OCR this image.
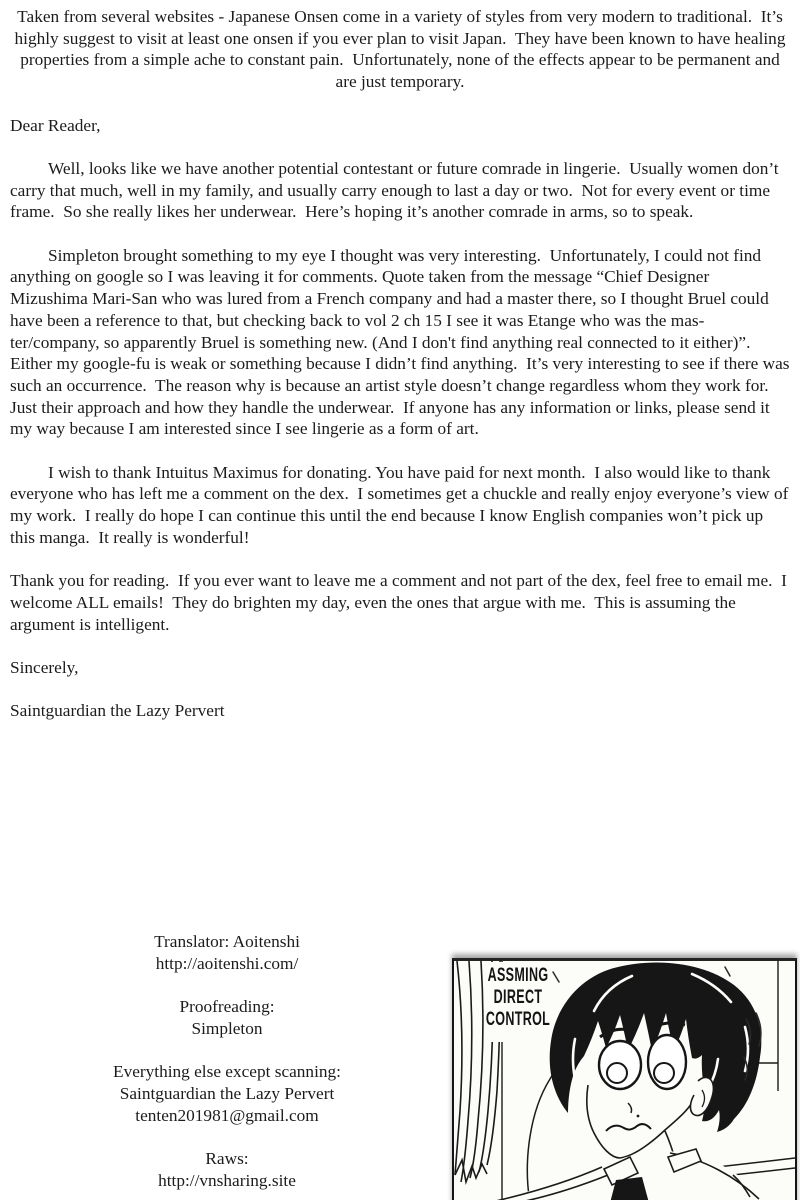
Taken from several websites - Japanese Onsen come in a variety of styles from very modern to traditional.  It’s highly suggest to visit at least one onsen if you ever plan to visit Japan.  They have been known to have healing properties from a simple ache to constant pain.  Unfortunately, none of the effects appear to be permanent and are just temporary.

Dear Reader,

Well, looks like we have another potential contestant or future comrade in lingerie.  Usually women don’t carry that much, well in my family, and usually carry enough to last a day or two.  Not for every event or time frame.  So she really likes her underwear.  Here’s hoping it’s another comrade in arms, so to speak.

Simpleton brought something to my eye I thought was very interesting.  Unfortunately, I could not find anything on google so I was leaving it for comments. Quote taken from the message “Chief Designer Mizushima Mari-San who was lured from a French company and had a master there, so I thought Bruel could have been a reference to that, but checking back to vol 2 ch 15 I see it was Etange who was the mas-ter/company, so apparently Bruel is something new. (And I don't find anything real connected to it either)”.  Either my google-fu is weak or something because I didn’t find anything.  It’s very interesting to see if there was such an occurrence.  The reason why is because an artist style doesn’t change regardless whom they work for.  Just their approach and how they handle the underwear.  If anyone has any information or links, please send it my way because I am interested since I see lingerie as a form of art.

I wish to thank Intuitus Maximus for donating. You have paid for next month.  I also would like to thank everyone who has left me a comment on the dex.  I sometimes get a chuckle and really enjoy everyone’s view of my work.  I really do hope I can continue this until the end because I know English companies won’t pick up this manga.  It really is wonderful!

Thank you for reading.  If you ever want to leave me a comment and not part of the dex, feel free to email me.  I welcome ALL emails!  They do brighten my day, even the ones that argue with me.  This is assuming the argument is intelligent.

Sincerely,

Saintguardian the Lazy Pervert

Translator: Aoitenshi
http://aoitenshi.com/
Proofreading:
Simpleton
Everything else except scanning:
Saintguardian the Lazy Pervert
tenten201981@gmail.com
Raws:
http://vnsharing.site
ASSMING
DIRECT
CONTROL
